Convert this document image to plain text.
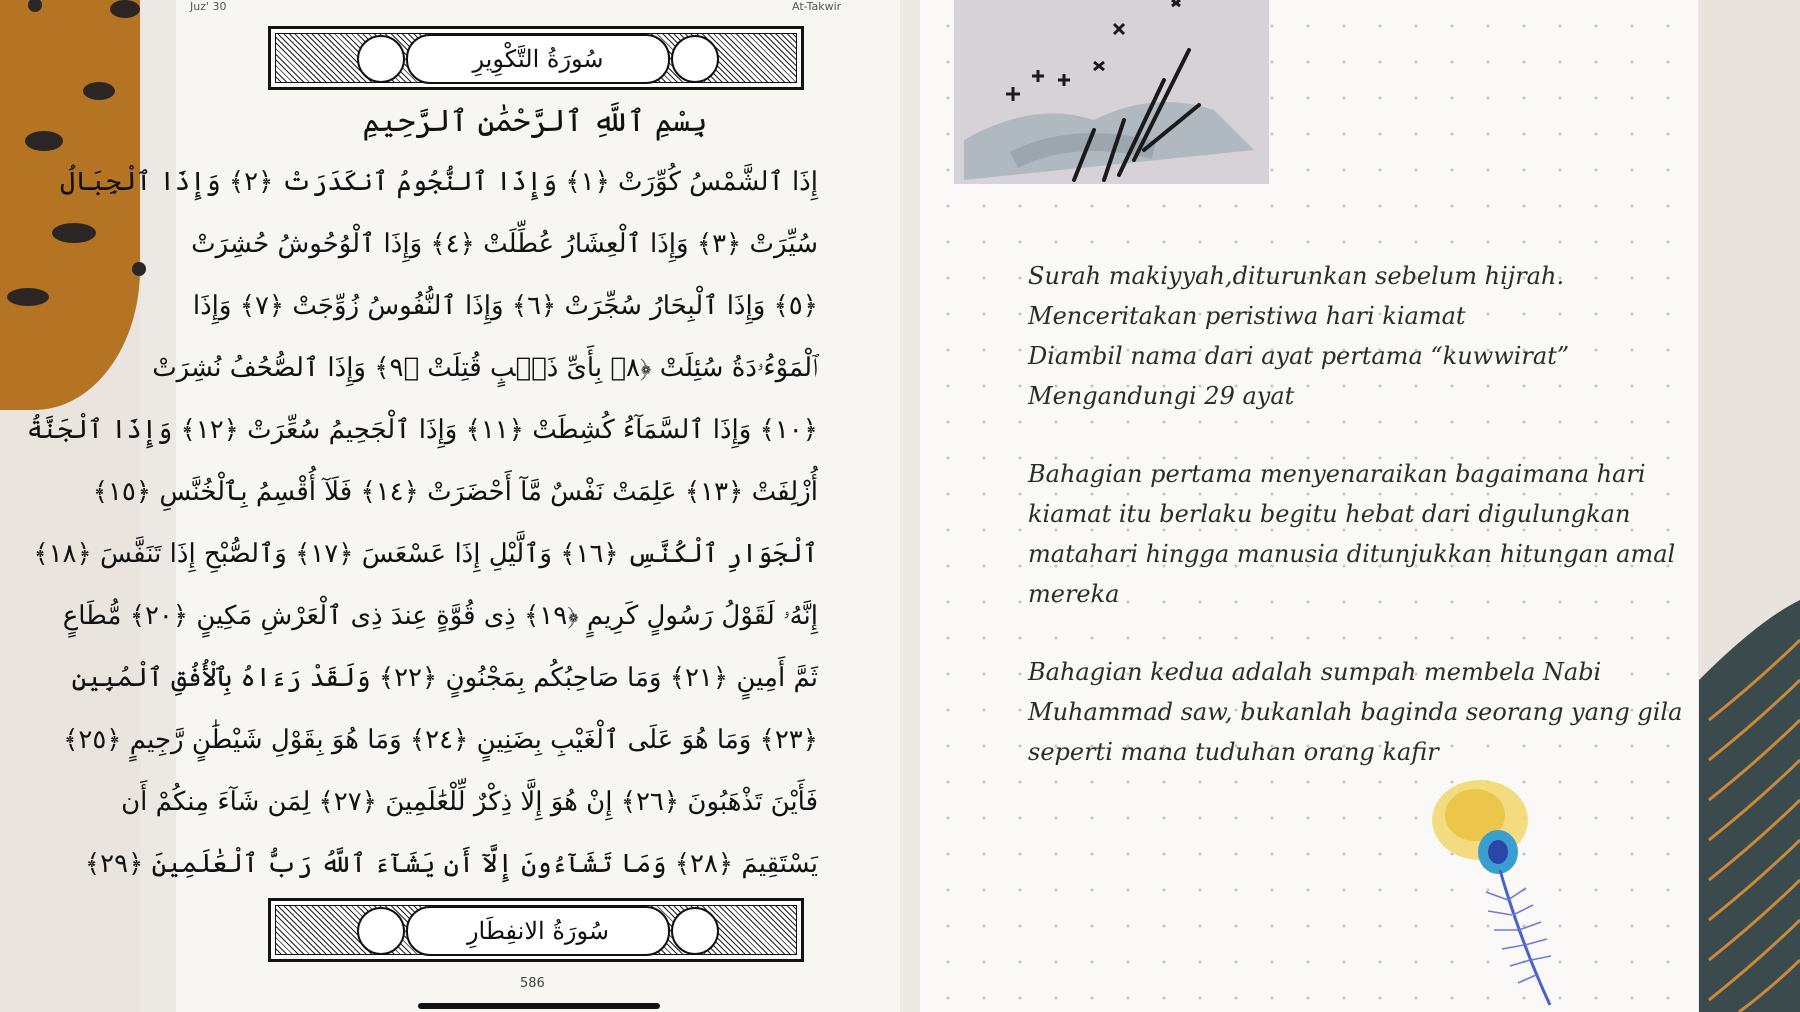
Juz' 30	At-Takwir
سُورَةُ التَّكْوِيرِ
بِسْمِ ٱللَّهِ ٱلرَّحْمَٰنِ ٱلرَّحِيمِ
إِذَا ٱلشَّمْسُ كُوِّرَتْ ﴿١﴾ وَإِذَا ٱلنُّجُومُ ٱنكَدَرَتْ ﴿٢﴾ وَإِذَا ٱلْجِبَالُ
سُيِّرَتْ ﴿٣﴾ وَإِذَا ٱلْعِشَارُ عُطِّلَتْ ﴿٤﴾ وَإِذَا ٱلْوُحُوشُ حُشِرَتْ
﴿٥﴾ وَإِذَا ٱلْبِحَارُ سُجِّرَتْ ﴿٦﴾ وَإِذَا ٱلنُّفُوسُ زُوِّجَتْ ﴿٧﴾ وَإِذَا
ٱلْمَوْءُۥدَةُ سُئِلَتْ ﴿٨﴾ بِأَىِّ ذَنۢبٍ قُتِلَتْ ﴿٩﴾ وَإِذَا ٱلصُّحُفُ نُشِرَتْ
﴿١٠﴾ وَإِذَا ٱلسَّمَآءُ كُشِطَتْ ﴿١١﴾ وَإِذَا ٱلْجَحِيمُ سُعِّرَتْ ﴿١٢﴾ وَإِذَا ٱلْجَنَّةُ
أُزْلِفَتْ ﴿١٣﴾ عَلِمَتْ نَفْسٌ مَّآ أَحْضَرَتْ ﴿١٤﴾ فَلَآ أُقْسِمُ بِٱلْخُنَّسِ ﴿١٥﴾
ٱلْجَوَارِ ٱلْكُنَّسِ ﴿١٦﴾ وَٱلَّيْلِ إِذَا عَسْعَسَ ﴿١٧﴾ وَٱلصُّبْحِ إِذَا تَنَفَّسَ ﴿١٨﴾
إِنَّهُۥ لَقَوْلُ رَسُولٍ كَرِيمٍ ﴿١٩﴾ ذِى قُوَّةٍ عِندَ ذِى ٱلْعَرْشِ مَكِينٍ ﴿٢٠﴾ مُّطَاعٍ
ثَمَّ أَمِينٍ ﴿٢١﴾ وَمَا صَاحِبُكُم بِمَجْنُونٍ ﴿٢٢﴾ وَلَقَدْ رَءَاهُ بِٱلْأُفُقِ ٱلْمُبِينِ
﴿٢٣﴾ وَمَا هُوَ عَلَى ٱلْغَيْبِ بِضَنِينٍ ﴿٢٤﴾ وَمَا هُوَ بِقَوْلِ شَيْطَٰنٍ رَّجِيمٍ ﴿٢٥﴾
فَأَيْنَ تَذْهَبُونَ ﴿٢٦﴾ إِنْ هُوَ إِلَّا ذِكْرٌ لِّلْعَٰلَمِينَ ﴿٢٧﴾ لِمَن شَآءَ مِنكُمْ أَن
يَسْتَقِيمَ ﴿٢٨﴾ وَمَا تَشَآءُونَ إِلَّآ أَن يَشَآءَ ٱللَّهُ رَبُّ ٱلْعَٰلَمِينَ ﴿٢٩﴾
سُورَةُ الانفِطَارِ
586
Surah makiyyah,diturunkan sebelum hijrah.
Menceritakan peristiwa hari kiamat
Diambil nama dari ayat pertama “kuwwirat”
Mengandungi 29 ayat
Bahagian pertama menyenaraikan bagaimana hari
kiamat itu berlaku begitu hebat dari digulungkan
matahari hingga manusia ditunjukkan hitungan amal
mereka
Bahagian kedua adalah sumpah membela Nabi
Muhammad saw, bukanlah baginda seorang yang gila
seperti mana tuduhan orang kafir
